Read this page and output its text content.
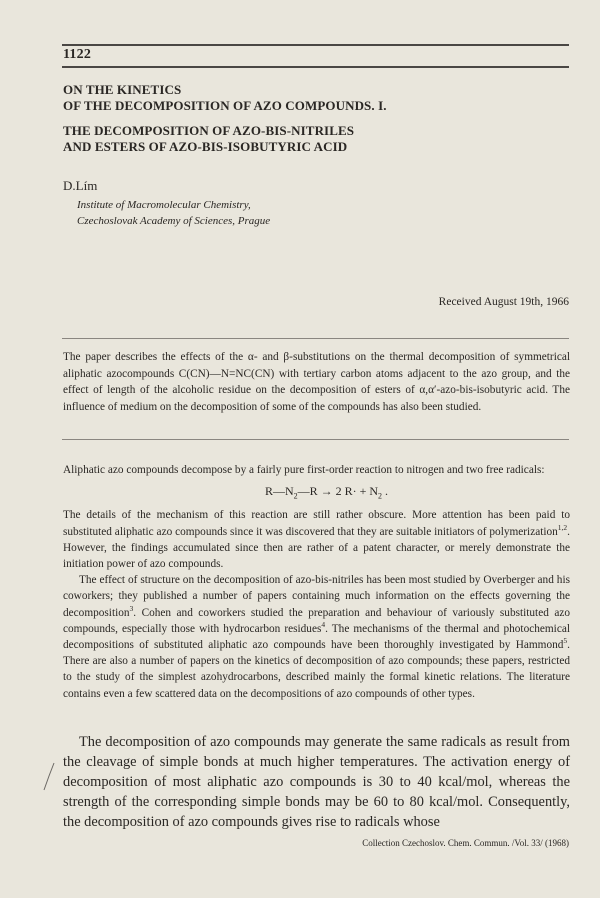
1122
ON THE KINETICS
OF THE DECOMPOSITION OF AZO COMPOUNDS. I.
THE DECOMPOSITION OF AZO-BIS-NITRILES
AND ESTERS OF AZO-BIS-ISOBUTYRIC ACID
D.Lím
Institute of Macromolecular Chemistry,
Czechoslovak Academy of Sciences, Prague
Received August 19th, 1966

The paper describes the effects of the α- and β-substitutions on the thermal decomposition of symmetrical aliphatic azocompounds C(CN)—N=NC(CN) with tertiary carbon atoms adjacent to the azo group, and the effect of length of the alcoholic residue on the decomposition of esters of α,α′-azo-bis-isobutyric acid. The influence of medium on the decomposition of some of the compounds has also been studied.

Aliphatic azo compounds decompose by a fairly pure first-order reaction to nitrogen and two free radicals:

$R—N_2—R \to 2$ $R\cdot + N_2$ .

The details of the mechanism of this reaction are still rather obscure. More attention has been paid to substituted aliphatic azo compounds since it was discovered that they are suitable initiators of polymerization$^{1,2}$. However, the findings accumulated since then are rather of a patent character, or merely demonstrate the initiation power of azo compounds.

The effect of structure on the decomposition of azo-bis-nitriles has been most studied by Overberger and his coworkers; they published a number of papers containing much information on the effects governing the decomposition$^3$. Cohen and coworkers studied the preparation and behaviour of variously substituted azo compounds, especially those with hydrocarbon residues$^4$. The mechanisms of the thermal and photochemical decompositions of substituted aliphatic azo compounds have been thoroughly investigated by Hammond$^5$. There are also a number of papers on the kinetics of decomposition of azo compounds; these papers, restricted to the study of the simplest azohydrocarbons, described mainly the formal kinetic relations. The literature contains even a few scattered data on the decompositions of azo compounds of other types.

The decomposition of azo compounds may generate the same radicals as result from the cleavage of simple bonds at much higher temperatures. The activation energy of decomposition of most aliphatic azo compounds is 30 to 40 kcal/mol, whereas the strength of the corresponding simple bonds may be 60 to 80 kcal/mol. Consequently, the decomposition of azo compounds gives rise to radicals whose

Collection Czechoslov. Chem. Commun. /Vol. 33/ (1968)
